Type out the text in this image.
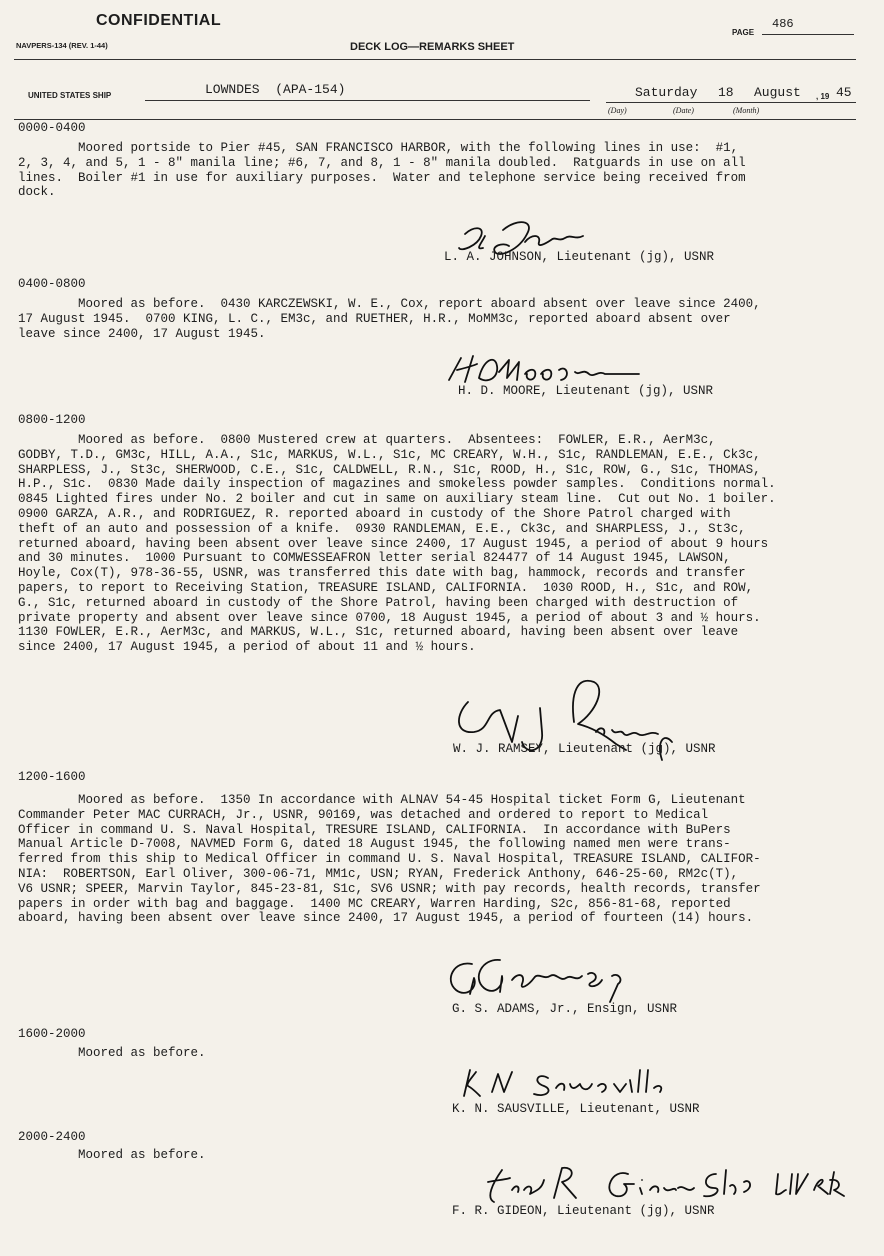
CONFIDENTIAL
NAVPERS-134 (REV. 1-44)	DECK LOG—REMARKS SHEET
PAGE
486
UNITED STATES SHIP	LOWNDES  (APA-154)	Saturday 18 August , 19 45
(Day)	(Date)	(Month)
0000-0400
Moored portside to Pier #45, SAN FRANCISCO HARBOR, with the following lines in use:  #1,
2, 3, 4, and 5, 1 - 8" manila line; #6, 7, and 8, 1 - 8" manila doubled.  Ratguards in use on all
lines.  Boiler #1 in use for auxiliary purposes.  Water and telephone service being received from
dock.
L. A. JOHNSON, Lieutenant (jg), USNR
0400-0800
Moored as before.  0430 KARCZEWSKI, W. E., Cox, report aboard absent over leave since 2400,
17 August 1945.  0700 KING, L. C., EM3c, and RUETHER, H.R., MoMM3c, reported aboard absent over
leave since 2400, 17 August 1945.
H. D. MOORE, Lieutenant (jg), USNR
0800-1200
Moored as before.  0800 Mustered crew at quarters.  Absentees:  FOWLER, E.R., AerM3c,
GODBY, T.D., GM3c, HILL, A.A., S1c, MARKUS, W.L., S1c, MC CREARY, W.H., S1c, RANDLEMAN, E.E., Ck3c,
SHARPLESS, J., St3c, SHERWOOD, C.E., S1c, CALDWELL, R.N., S1c, ROOD, H., S1c, ROW, G., S1c, THOMAS,
H.P., S1c.  0830 Made daily inspection of magazines and smokeless powder samples.  Conditions normal.
0845 Lighted fires under No. 2 boiler and cut in same on auxiliary steam line.  Cut out No. 1 boiler.
0900 GARZA, A.R., and RODRIGUEZ, R. reported aboard in custody of the Shore Patrol charged with
theft of an auto and possession of a knife.  0930 RANDLEMAN, E.E., Ck3c, and SHARPLESS, J., St3c,
returned aboard, having been absent over leave since 2400, 17 August 1945, a period of about 9 hours
and 30 minutes.  1000 Pursuant to COMWESSEAFRON letter serial 824477 of 14 August 1945, LAWSON,
Hoyle, Cox(T), 978-36-55, USNR, was transferred this date with bag, hammock, records and transfer
papers, to report to Receiving Station, TREASURE ISLAND, CALIFORNIA.  1030 ROOD, H., S1c, and ROW,
G., S1c, returned aboard in custody of the Shore Patrol, having been charged with destruction of
private property and absent over leave since 0700, 18 August 1945, a period of about 3 and ½ hours.
1130 FOWLER, E.R., AerM3c, and MARKUS, W.L., S1c, returned aboard, having been absent over leave
since 2400, 17 August 1945, a period of about 11 and ½ hours.
W. J. RAMSEY, Lieutenant (jg), USNR
1200-1600
Moored as before.  1350 In accordance with ALNAV 54-45 Hospital ticket Form G, Lieutenant
Commander Peter MAC CURRACH, Jr., USNR, 90169, was detached and ordered to report to Medical
Officer in command U. S. Naval Hospital, TRESURE ISLAND, CALIFORNIA.  In accordance with BuPers
Manual Article D-7008, NAVMED Form G, dated 18 August 1945, the following named men were trans-
ferred from this ship to Medical Officer in command U. S. Naval Hospital, TREASURE ISLAND, CALIFOR-
NIA:  ROBERTSON, Earl Oliver, 300-06-71, MM1c, USN; RYAN, Frederick Anthony, 646-25-60, RM2c(T),
V6 USNR; SPEER, Marvin Taylor, 845-23-81, S1c, SV6 USNR; with pay records, health records, transfer
papers in order with bag and baggage.  1400 MC CREARY, Warren Harding, S2c, 856-81-68, reported
aboard, having been absent over leave since 2400, 17 August 1945, a period of fourteen (14) hours.
G. S. ADAMS, Jr., Ensign, USNR
1600-2000
Moored as before.
K. N. SAUSVILLE, Lieutenant, USNR
2000-2400
Moored as before.
F. R. GIDEON, Lieutenant (jg), USNR
